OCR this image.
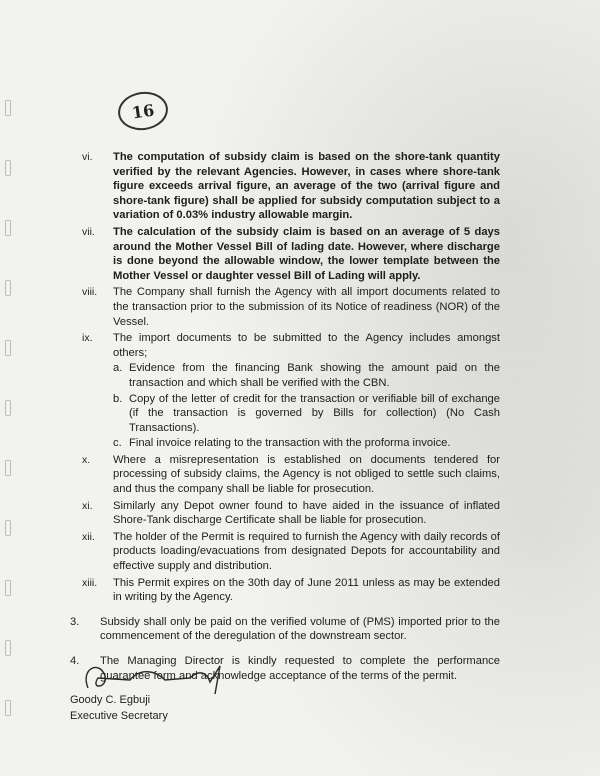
16
vi.	The computation of subsidy claim is based on the shore-tank quantity verified by the relevant Agencies. However, in cases where shore-tank figure exceeds arrival figure, an average of the two (arrival figure and shore-tank figure) shall be applied for subsidy computation subject to a variation of 0.03% industry allowable margin.
vii.	The calculation of the subsidy claim is based on an average of 5 days around the Mother Vessel Bill of lading date. However, where discharge is done beyond the allowable window, the lower template between the Mother Vessel or daughter vessel Bill of Lading will apply.
viii.	The Company shall furnish the Agency with all import documents related to the transaction prior to the submission of its Notice of readiness (NOR) of the Vessel.
ix.	The import documents to be submitted to the Agency includes amongst others;
a. Evidence from the financing Bank showing the amount paid on the transaction and which shall be verified with the CBN.
b. Copy of the letter of credit for the transaction or verifiable bill of exchange (if the transaction is governed by Bills for collection) (No Cash Transactions).
c. Final invoice relating to the transaction with the proforma invoice.
x.	Where a misrepresentation is established on documents tendered for processing of subsidy claims, the Agency is not obliged to settle such claims, and thus the company shall be liable for prosecution.
xi.	Similarly any Depot owner found to have aided in the issuance of inflated Shore-Tank discharge Certificate shall be liable for prosecution.
xii.	The holder of the Permit is required to furnish the Agency with daily records of products loading/evacuations from designated Depots for accountability and effective supply and distribution.
xiii.	This Permit expires on the 30th day of June 2011 unless as may be extended in writing by the Agency.
3.	Subsidy shall only be paid on the verified volume of (PMS) imported prior to the commencement of the deregulation of the downstream sector.
4.	The Managing Director is kindly requested to complete the performance guarantee form and acknowledge acceptance of the terms of the permit.
Goody C. Egbuji
Executive Secretary
